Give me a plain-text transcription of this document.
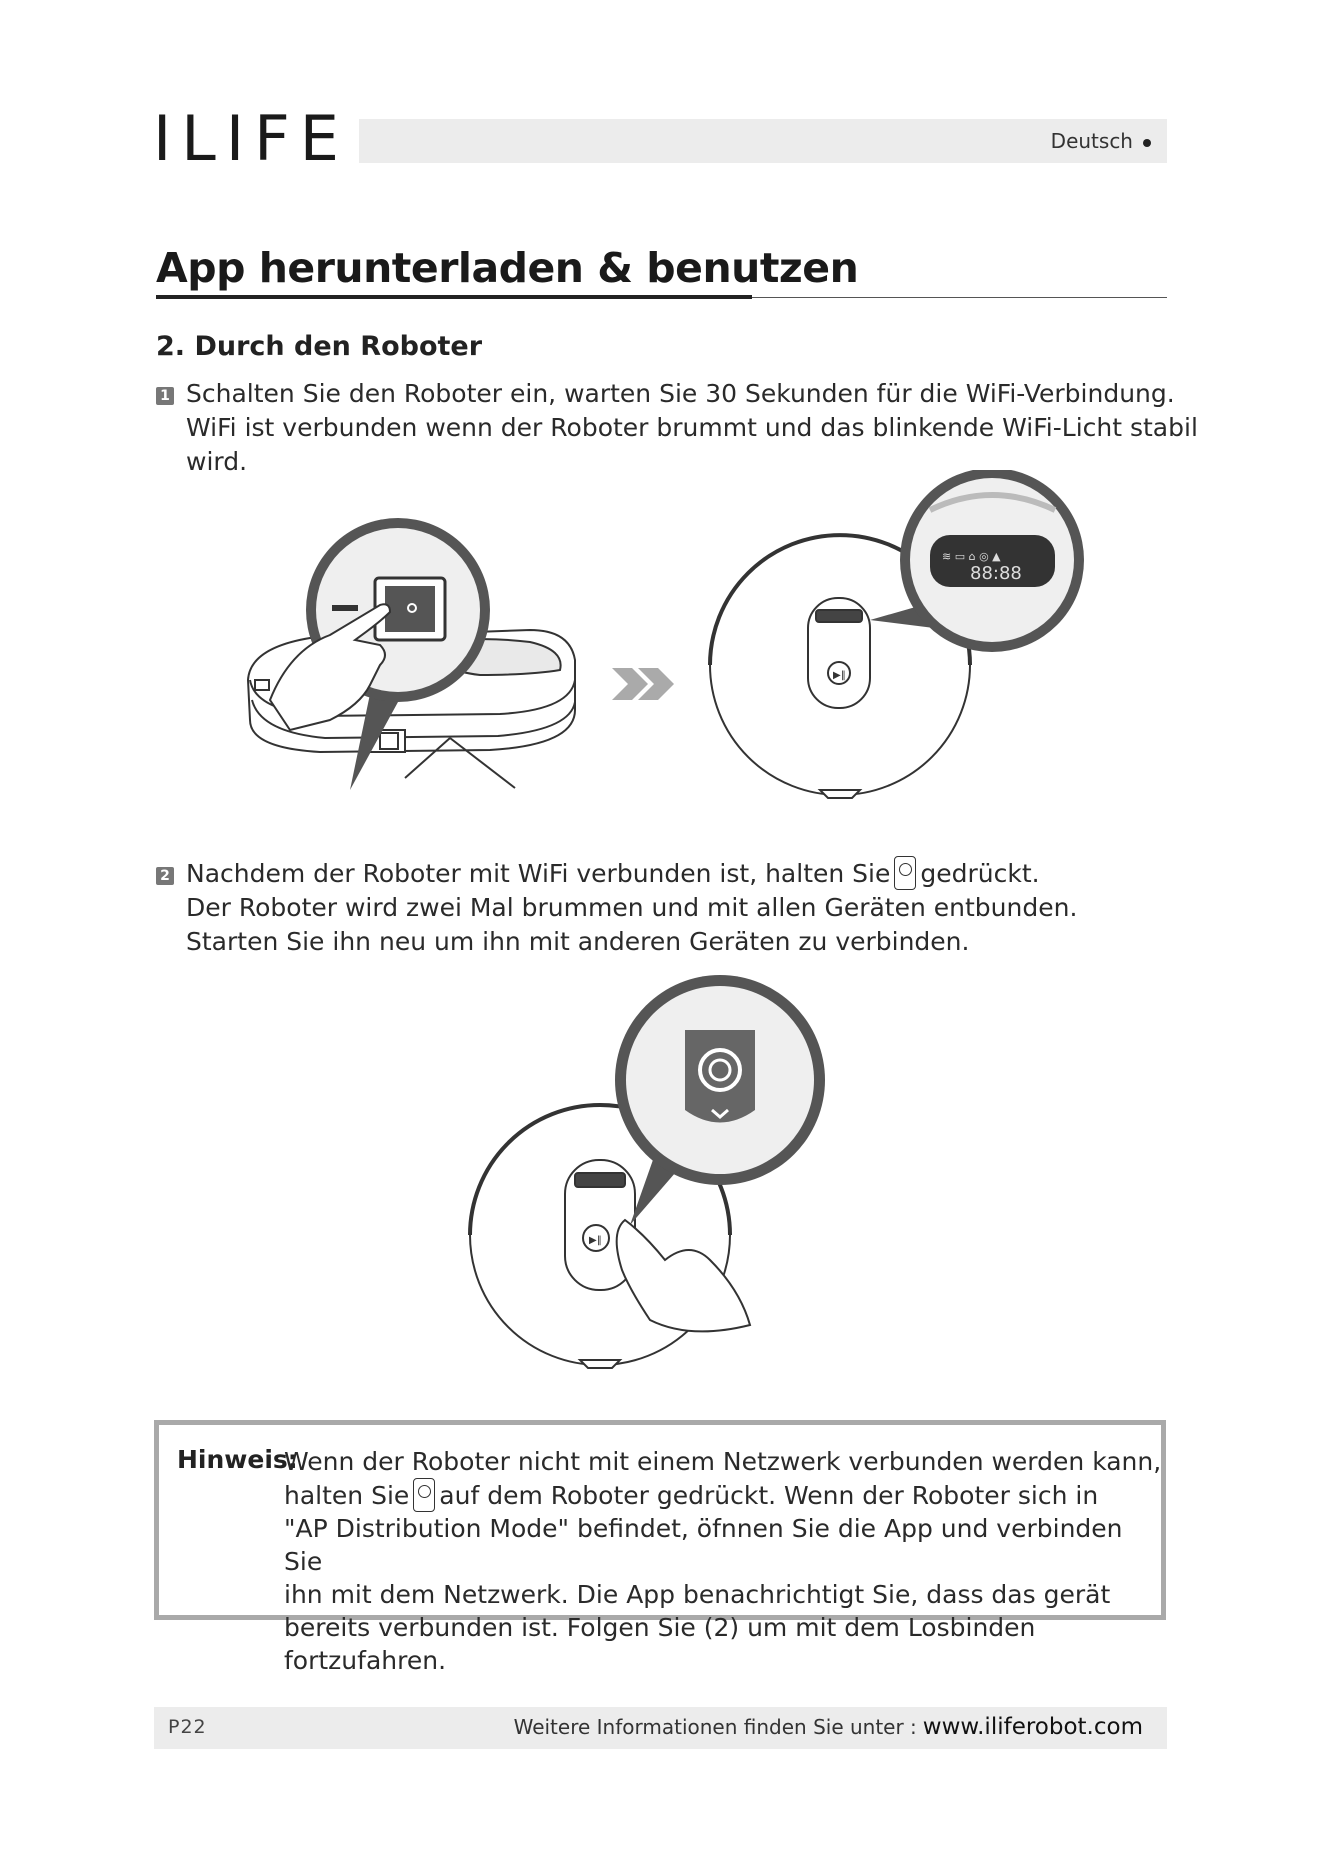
ILIFE	Deutsch
App herunterladen & benutzen
2. Durch den Roboter
1 Schalten Sie den Roboter ein, warten Sie 30 Sekunden für die WiFi-Verbindung.
WiFi ist verbunden wenn der Roboter brummt und das blinkende WiFi-Licht stabil
wird.
▶‖
88:88
≋ ▭ ⌂ ◎ ▲
2 Nachdem der Roboter mit WiFi verbunden ist, halten Sie gedrückt.
Der Roboter wird zwei Mal brummen und mit allen Geräten entbunden.
Starten Sie ihn neu um ihn mit anderen Geräten zu verbinden.
▶‖
Hinweis:
Wenn der Roboter nicht mit einem Netzwerk verbunden werden kann,
halten Sie auf dem Roboter gedrückt. Wenn der Roboter sich in
"AP Distribution Mode" befindet, öfnnen Sie die App und verbinden Sie
ihn mit dem Netzwerk. Die App benachrichtigt Sie, dass das gerät
bereits verbunden ist. Folgen Sie (2) um mit dem Losbinden fortzufahren.
P22	Weitere Informationen finden Sie unter : www.iliferobot.com
